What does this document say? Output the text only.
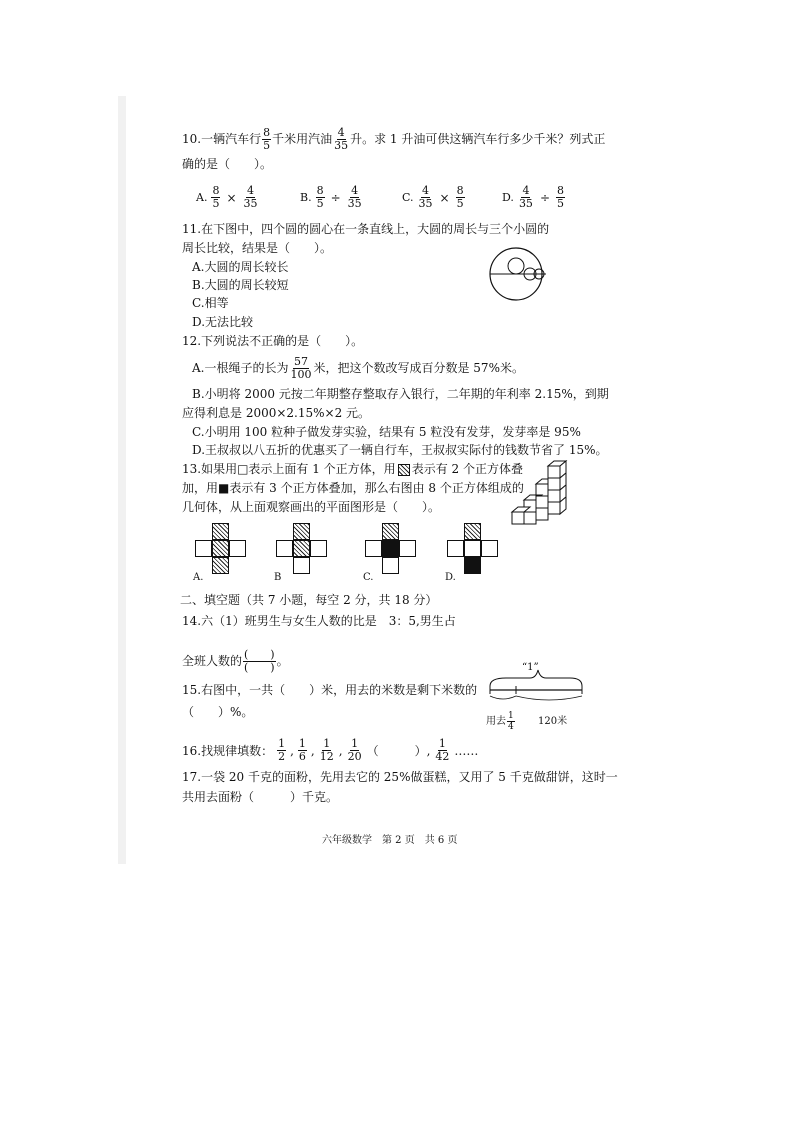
10.一辆汽车行 $\frac{8}{5}$ 千米用汽油 $\frac{4}{35}$ 升。求 1 升油可供这辆汽车行多少千米？列式正
确的是（　　）。
A. $\frac{8}{5} \times \frac{4}{35}$	B. $\frac{8}{5} \div \frac{4}{35}$	C. $\frac{4}{35} \times \frac{8}{5}$	D. $\frac{4}{35} \div \frac{8}{5}$
11.在下图中，四个圆的圆心在一条直线上，大圆的周长与三个小圆的
周长比较，结果是（　　）。
A.大圆的周长较长
B.大圆的周长较短
C.相等
D.无法比较
12.下列说法不正确的是（　　）。
A.一根绳子的长为 $\frac{57}{100}$ 米，把这个数改写成百分数是 57%米。
B.小明将 2000 元按二年期整存整取存入银行，二年期的年利率 2.15%，到期
应得利息是 2000×2.15%×2 元。
C.小明用 100 粒种子做发芽实验，结果有 5 粒没有发芽，发芽率是 95%
D.王叔叔以八五折的优惠买了一辆自行车，王叔叔实际付的钱数节省了 15%。
13.如果用□表示上面有 1 个正方体，用 表示有 2 个正方体叠
加，用■表示有 3 个正方体叠加，那么右图由 8 个正方体组成的
几何体，从上面观察画出的平面图形是（　　）。
A.	B	C.	D.
二、填空题（共 7 小题，每空 2 分，共 18 分）
14.六（1）班男生与女生人数的比是　3：5,男生占
全班人数的 $\frac{( )}{( )}$ 。
15.右图中，一共（　　）米，用去的米数是剩下米数的
（　　）%。
“1”
用去 $\frac{1}{4} 120$米
16.找规律填数： $\frac{1}{2}$ , $\frac{1}{6}$ , $\frac{1}{12}$ , $\frac{1}{20}$ （　　　）, $\frac{1}{42}$ ……
17.一袋 20 千克的面粉，先用去它的 25%做蛋糕，又用了 5 千克做甜饼，这时一
共用去面粉（　　　）千克。
六年级数学　第 2 页　共 6 页
